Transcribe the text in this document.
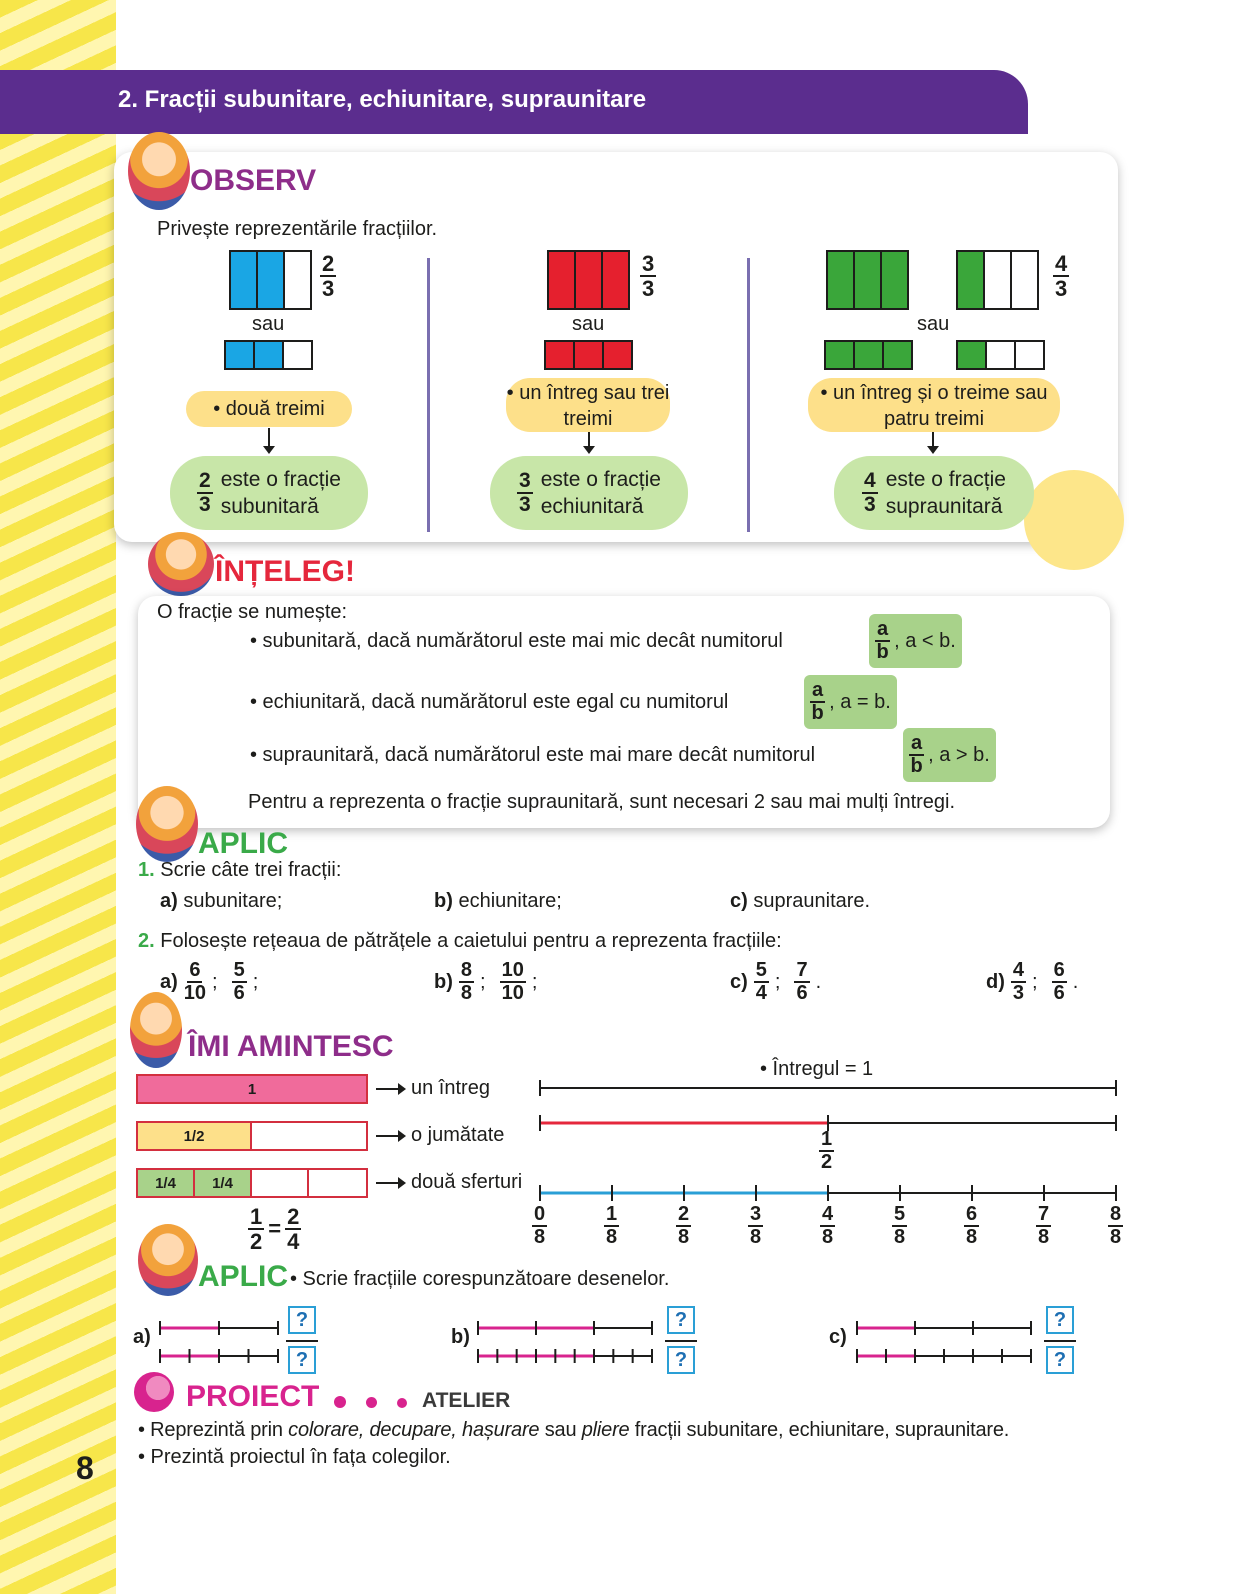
2. Fracții subunitare, echiunitare, supraunitare
OBSERV
Privește reprezentările fracțiilor.
$\frac{2}{3}$
sau
• două treimi
$\frac{2}{3}$ este o fracție
subunitară
$\frac{3}{3}$
sau
• un întreg sau trei treimi
$\frac{3}{3}$ este o fracție
echiunitară
$\frac{4}{3}$
sau
• un întreg și o treime sau patru treimi
$\frac{4}{3}$ este o fracție
supraunitară
ÎNȚELEG!
O fracție se numește:
• subunitară, dacă numărătorul este mai mic decât numitorul	$\frac{a}{b}$ , a < b.
• echiunitară, dacă numărătorul este egal cu numitorul	$\frac{a}{b}$ , a = b.
• supraunitară, dacă numărătorul este mai mare decât numitorul	$\frac{a}{b}$ , a > b.
Pentru a reprezenta o fracție supraunitară, sunt necesari 2 sau mai mulți întregi.
APLIC
1. Scrie câte trei fracții:
a) subunitare;	b) echiunitare;	c) supraunitare.
2. Folosește rețeaua de pătrățele a caietului pentru a reprezenta fracțiile:
$a) \frac{6}{10}$ ; $\frac{5}{6}$ ;	$b) \frac{8}{8}$ ; $\frac{10}{10}$ ;	$c) \frac{5}{4}$ ; $\frac{7}{6}$ .	$d) \frac{4}{3}$ ; $\frac{6}{6}$ .
ÎMI AMINTESC
1	un întreg
1/2	o jumătate
1/4	1/4	două sferturi
$\frac{1}{2} = \frac{2}{4}$
• Întregul = 1
$\frac{1}{2}$
$\frac{0}{8}$	$\frac{1}{8}$	$\frac{2}{8}$	$\frac{3}{8}$	$\frac{4}{8}$	$\frac{5}{8}$	$\frac{6}{8}$	$\frac{7}{8}$	$\frac{8}{8}$
APLIC • Scrie fracțiile corespunzătoare desenelor.
a)
?
?
b)
?
?
c)
?
?
PROIECT	ATELIER
• Reprezintă prin colorare, decupare, hașurare sau pliere fracții subunitare, echiunitare, supraunitare.
• Prezintă proiectul în fața colegilor.
8
